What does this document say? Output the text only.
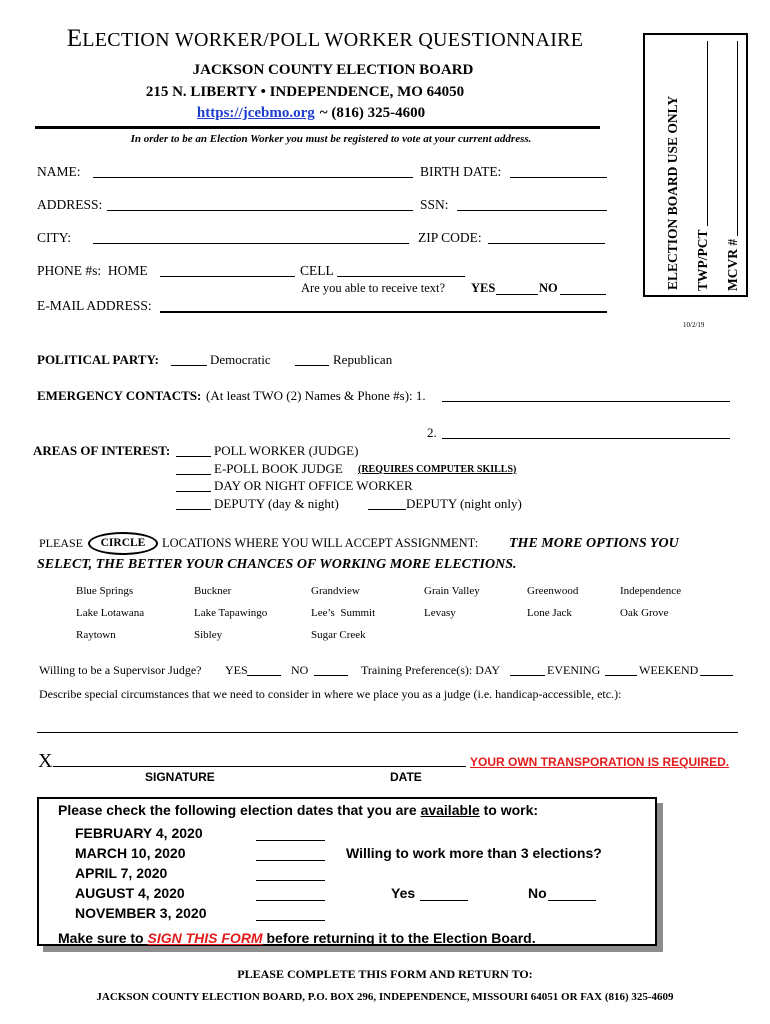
ELECTION WORKER/POLL WORKER QUESTIONNAIRE
JACKSON COUNTY ELECTION BOARD
215 N. LIBERTY • INDEPENDENCE, MO 64050
https://jcebmo.org ~ (816) 325-4600
In order to be an Election Worker you must be registered to vote at your current address.	ELECTION BOARD USE ONLY TWP/PCT MCVR #
NAME:	BIRTH DATE:
ADDRESS:	SSN:
CITY:	ZIP CODE:
PHONE #s:  HOME	CELL
Are you able to receive text? YES	NO
E-MAIL ADDRESS:
10/2/19
POLITICAL PARTY:	Democratic	Republican
EMERGENCY CONTACTS: (At least TWO (2) Names & Phone #s): 1.
2.
AREAS OF INTEREST:	POLL WORKER (JUDGE)
E-POLL BOOK JUDGE (REQUIRES COMPUTER SKILLS)
DAY OR NIGHT OFFICE WORKER
DEPUTY (day & night)	DEPUTY (night only)
PLEASE	CIRCLE	LOCATIONS WHERE YOU WILL ACCEPT ASSIGNMENT: THE MORE OPTIONS YOU
SELECT, THE BETTER YOUR CHANCES OF WORKING MORE ELECTIONS.
Blue Springs	Buckner	Grandview	Grain Valley	Greenwood	Independence
Lake Lotawana	Lake Tapawingo	Lee’s  Summit	Levasy	Lone Jack	Oak Grove
Raytown	Sibley	Sugar Creek
Willing to be a Supervisor Judge? YES	NO	Training Preference(s): DAY	EVENING	WEEKEND
Describe special circumstances that we need to consider in where we place you as a judge (i.e. handicap-accessible, etc.):
X	YOUR OWN TRANSPORATION IS REQUIRED.
SIGNATURE	DATE
Please check the following election dates that you are available to work:
FEBRUARY 4, 2020
MARCH 10, 2020
APRIL 7, 2020
AUGUST 4, 2020
NOVEMBER 3, 2020
Willing to work more than 3 elections?
Yes	No
Make sure to SIGN THIS FORM before returning it to the Election Board.
PLEASE COMPLETE THIS FORM AND RETURN TO:
JACKSON COUNTY ELECTION BOARD, P.O. BOX 296, INDEPENDENCE, MISSOURI 64051 OR FAX (816) 325-4609
